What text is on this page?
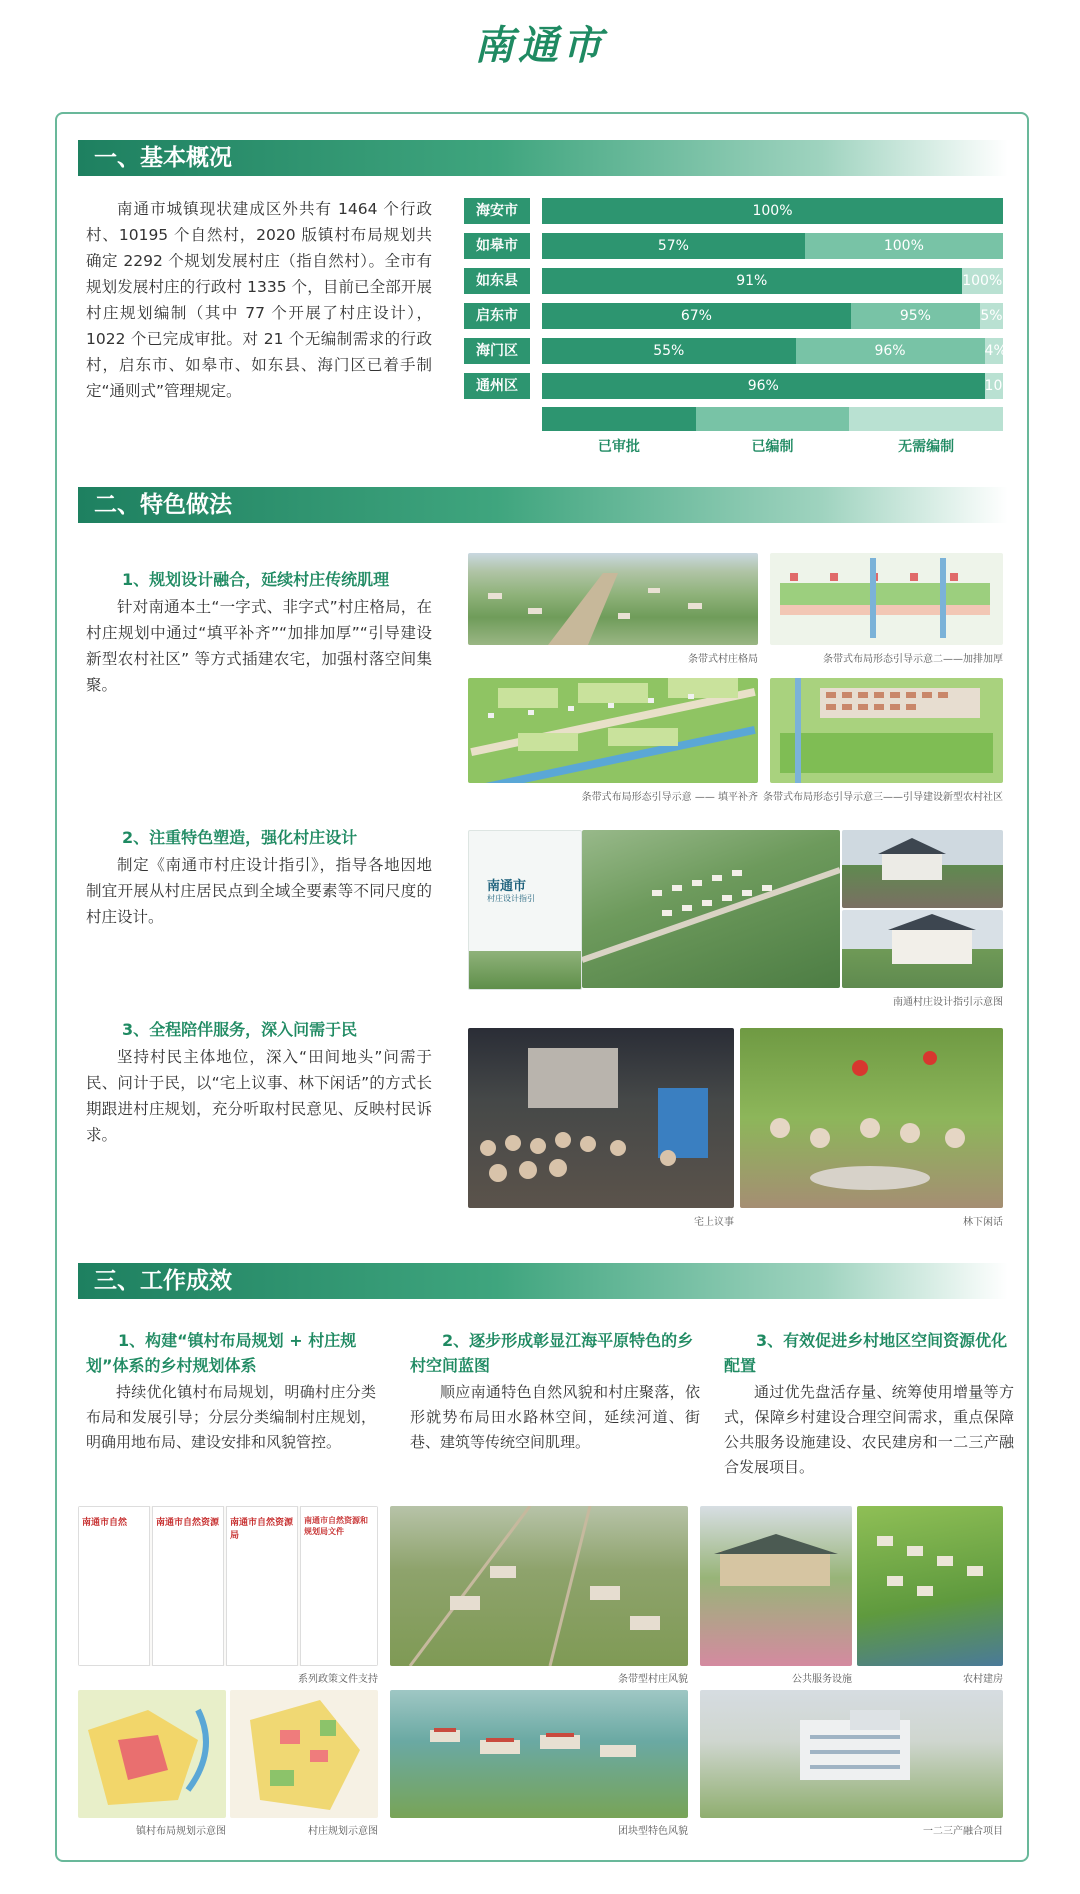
南通市
一、基本概况
南通市城镇现状建成区外共有 1464 个行政村、10195 个自然村，2020 版镇村布局规划共确定 2292 个规划发展村庄（指自然村）。全市有规划发展村庄的行政村 1335 个，目前已全部开展村庄规划编制（其中 77 个开展了村庄设计），1022 个已完成审批。对 21 个无编制需求的行政村，启东市、如皋市、如东县、海门区已着手制定“通则式”管理规定。
海安市	100%
如皋市	57%	100%
如东县	91%	100%
启东市	67%	95%	5%
海门区	55%	96%	4%
通州区	96%	100%
已审批	已编制	无需编制
二、特色做法
1、规划设计融合，延续村庄传统肌理
针对南通本土“一字式、非字式”村庄格局，在村庄规划中通过“填平补齐”“加排加厚”“引导建设新型农村社区” 等方式插建农宅，加强村落空间集聚。
条带式村庄格局	条带式布局形态引导示意二——加排加厚
条带式布局形态引导示意 —— 填平补齐 条带式布局形态引导示意三——引导建设新型农村社区
2、注重特色塑造，强化村庄设计
制定《南通市村庄设计指引》，指导各地因地制宜开展从村庄居民点到全域全要素等不同尺度的村庄设计。
南通市
村庄设计指引
南通村庄设计指引示意图
3、全程陪伴服务，深入问需于民
坚持村民主体地位，深入“田间地头”问需于民、问计于民，以“宅上议事、林下闲话”的方式长期跟进村庄规划，充分听取村民意见、反映村民诉求。
宅上议事	林下闲话
三、工作成效
1、构建“镇村布局规划 + 村庄规划”体系的乡村规划体系
持续优化镇村布局规划，明确村庄分类布局和发展引导；分层分类编制村庄规划，明确用地布局、建设安排和风貌管控。
2、逐步形成彰显江海平原特色的乡村空间蓝图
顺应南通特色自然风貌和村庄聚落，依形就势布局田水路林空间，延续河道、街巷、建筑等传统空间肌理。
3、有效促进乡村地区空间资源优化配置
通过优先盘活存量、统筹使用增量等方式，保障乡村建设合理空间需求，重点保障公共服务设施建设、农民建房和一二三产融合发展项目。
南通市自然	南通市自然资源	南通市自然资源局
南通市自然资源和规划局文件
系列政策文件支持	条带型村庄风貌	公共服务设施	农村建房
镇村布局规划示意图	村庄规划示意图	团块型特色风貌	一二三产融合项目
